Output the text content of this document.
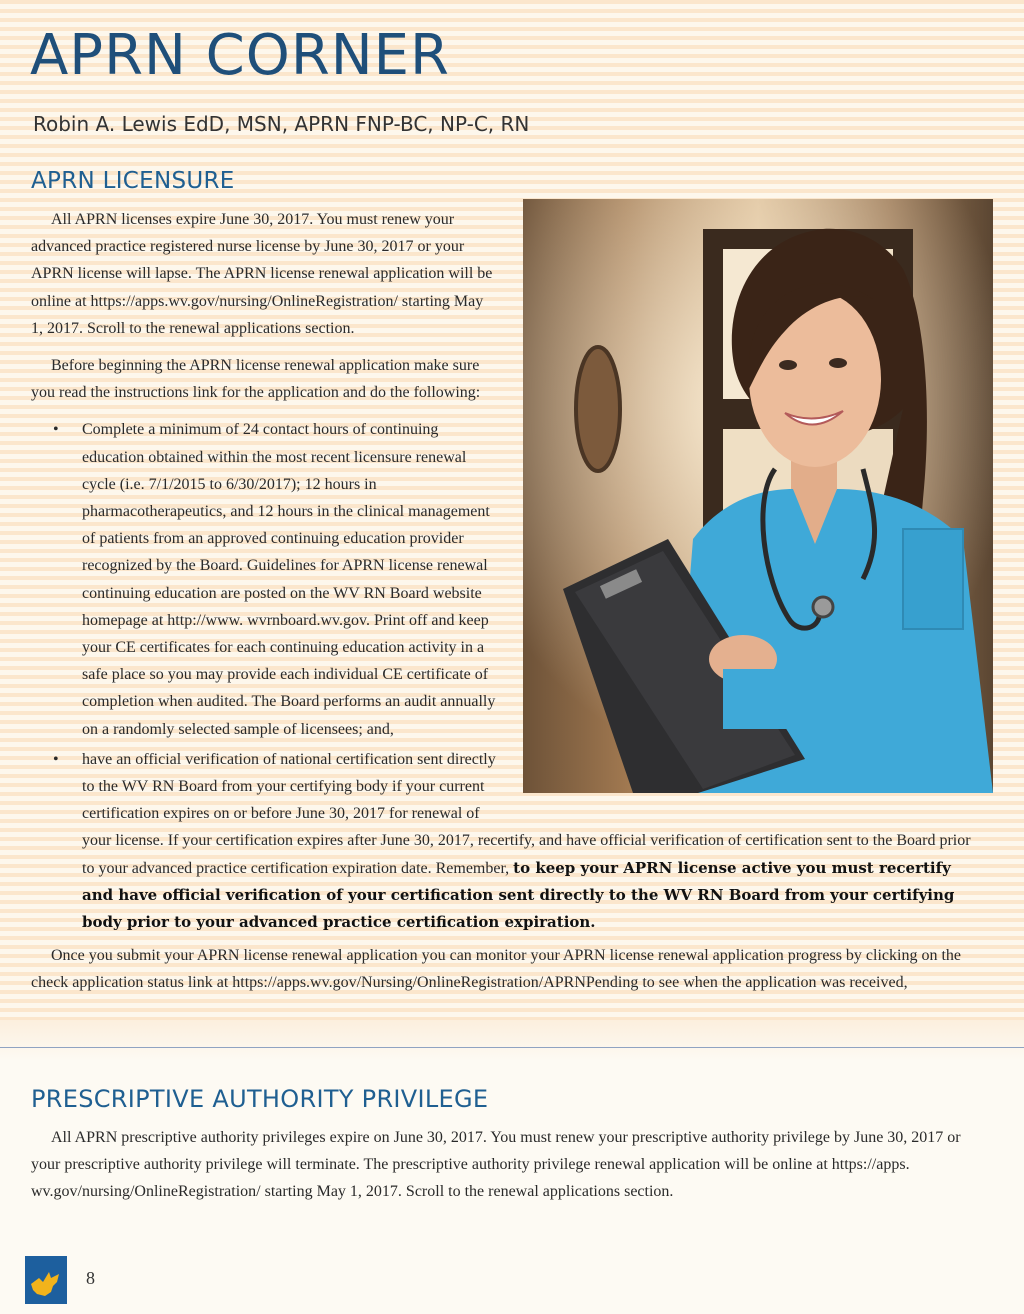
APRN CORNER
Robin A. Lewis EdD, MSN, APRN FNP-BC, NP-C, RN
APRN LICENSURE

All APRN licenses expire June 30, 2017. You must renew your advanced practice registered nurse license by June 30, 2017 or your APRN license will lapse. The APRN license renewal application will be online at https://apps.wv.gov/nursing/OnlineRegistration/ starting May 1, 2017. Scroll to the renewal applications section.

Before beginning the APRN license renewal application make sure you read the instructions link for the application and do the following:

• Complete a minimum of 24 contact hours of continuing education obtained within the most recent licensure renewal cycle (i.e. 7/1/2015 to 6/30/2017); 12 hours in pharmacotherapeutics, and 12 hours in the clinical management of patients from an approved continuing education provider recognized by the Board. Guidelines for APRN license renewal continuing education are posted on the WV RN Board website homepage at http://www. wvrnboard.wv.gov. Print off and keep your CE certificates for each continuing education activity in a safe place so you may provide each individual CE certificate of completion when audited. The Board performs an audit annually on a randomly selected sample of licensees; and,
• have an official verification of national certification sent directly to the WV RN Board from your certifying body if your current certification expires on or before June 30, 2017 for renewal of your license. If your certification expires after June 30, 2017, recertify, and have official verification of certification sent to the Board prior to your advanced practice certification expiration date. Remember, to keep your APRN license active you must recertify and have official verification of your certification sent directly to the WV RN Board from your certifying body prior to your advanced practice certification expiration.

Once you submit your APRN license renewal application you can monitor your APRN license renewal application progress by clicking on the check application status link at https://apps.wv.gov/Nursing/OnlineRegistration/APRNPending to see when the application was received,

PRESCRIPTIVE AUTHORITY PRIVILEGE

All APRN prescriptive authority privileges expire on June 30, 2017. You must renew your prescriptive authority privilege by June 30, 2017 or your prescriptive authority privilege will terminate. The prescriptive authority privilege renewal application will be online at https://apps. wv.gov/nursing/OnlineRegistration/ starting May 1, 2017. Scroll to the renewal applications section.

8
